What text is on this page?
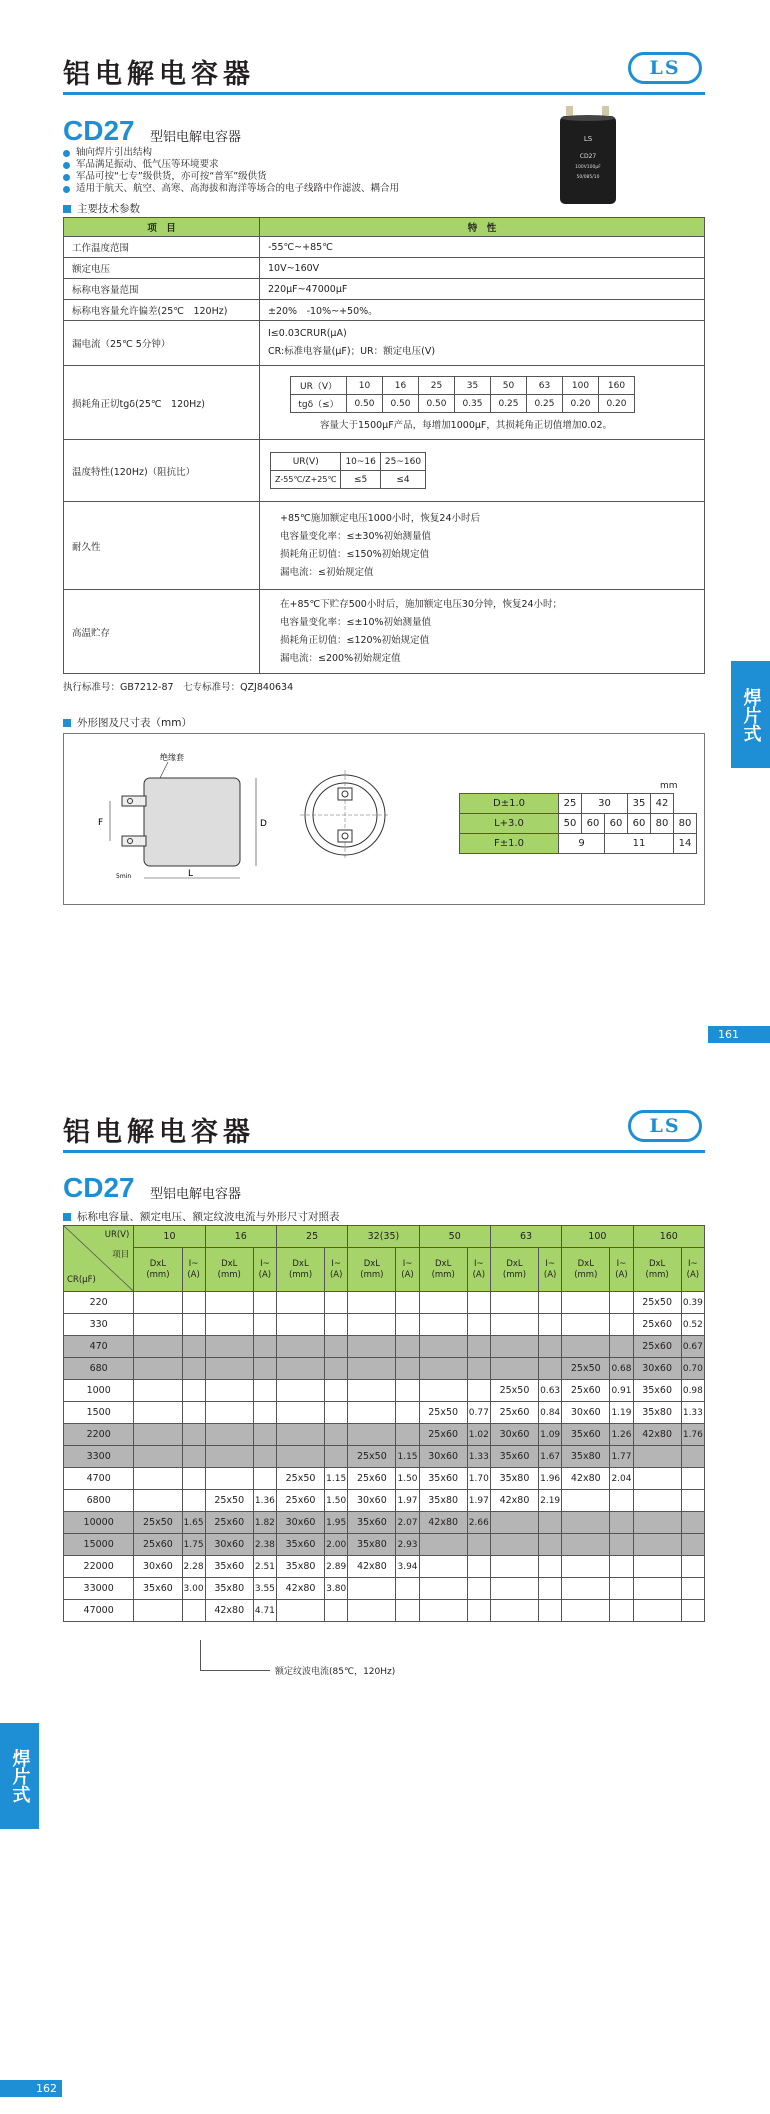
铝电解电容器	LS
CD27 型铝电解电容器	LS
CD27
100V100μF
50/085/10
轴向焊片引出结构
军品满足振动、低气压等环境要求
军品可按“七专”级供货，亦可按“普军”级供货
适用于航天、航空、高寒、高海拔和海洋等场合的电子线路中作滤波、耦合用
主要技术参数
项　目	特　性
工作温度范围	-55℃~+85℃
额定电压	10V~160V
标称电容量范围	220μF~47000μF
标称电容量允许偏差(25℃　120Hz)	±20%　-10%~+50%。
漏电流（25℃ 5分钟）	
I≤0.03CRUR(μA)
CR:标准电容量(μF)；UR：额定电压(V)

损耗角正切tgδ(25℃　120Hz)	
UR（V）	10	16	25	35	50	63	100	160
tgδ（≤）	0.50	0.50	0.50	0.35	0.25	0.25	0.20	0.20
容量大于1500μF产品，每增加1000μF，其损耗角正切值增加0.02。

温度特性(120Hz)（阻抗比）	
UR(V)	10~16	25~160
Z-55℃/Z+25℃	≤5	≤4

耐久性	
+85℃施加额定电压1000小时，恢复24小时后
电容量变化率：≤±30%初始测量值
损耗角正切值：≤150%初始规定值
漏电流：≤初始规定值

高温贮存	
在+85℃下贮存500小时后，施加额定电压30分钟，恢复24小时；
电容量变化率：≤±10%初始测量值
损耗角正切值：≤120%初始规定值
漏电流：≤200%初始规定值
执行标准号：GB7212-87　七专标准号：QZJ840634
外形图及尺寸表（mm）
绝缘套
F	D
L
5min
mm
D±1.0	25	30		35	42	
L+3.0	50	60	60	60	80	80
F±1.0	9		11			14
焊片式
161
铝电解电容器	LS
CD27 型铝电解电容器
标称电容量、额定电压、额定纹波电流与外形尺寸对照表
UR(V)
项目
CR(μF)	10		16		25		32(35)		50		63		100		160	
	DxL
(mm)	I~
(A)	DxL
(mm)	I~
(A)	DxL
(mm)	I~
(A)	DxL
(mm)	I~
(A)	DxL
(mm)	I~
(A)	DxL
(mm)	I~
(A)	DxL
(mm)	I~
(A)	DxL
(mm)	I~
(A)
220															25x50	0.39
330															25x60	0.52
470															25x60	0.67
680													25x50	0.68	30x60	0.70
1000											25x50	0.63	25x60	0.91	35x60	0.98
1500									25x50	0.77	25x60	0.84	30x60	1.19	35x80	1.33
2200									25x60	1.02	30x60	1.09	35x60	1.26	42x80	1.76
3300							25x50	1.15	30x60	1.33	35x60	1.67	35x80	1.77		
4700					25x50	1.15	25x60	1.50	35x60	1.70	35x80	1.96	42x80	2.04		
6800			25x50	1.36	25x60	1.50	30x60	1.97	35x80	1.97	42x80	2.19				
10000	25x50	1.65	25x60	1.82	30x60	1.95	35x60	2.07	42x80	2.66						
15000	25x60	1.75	30x60	2.38	35x60	2.00	35x80	2.93								
22000	30x60	2.28	35x60	2.51	35x80	2.89	42x80	3.94								
33000	35x60	3.00	35x80	3.55	42x80	3.80										
47000			42x80	4.71												
额定纹波电流(85℃，120Hz)
焊片式
162
